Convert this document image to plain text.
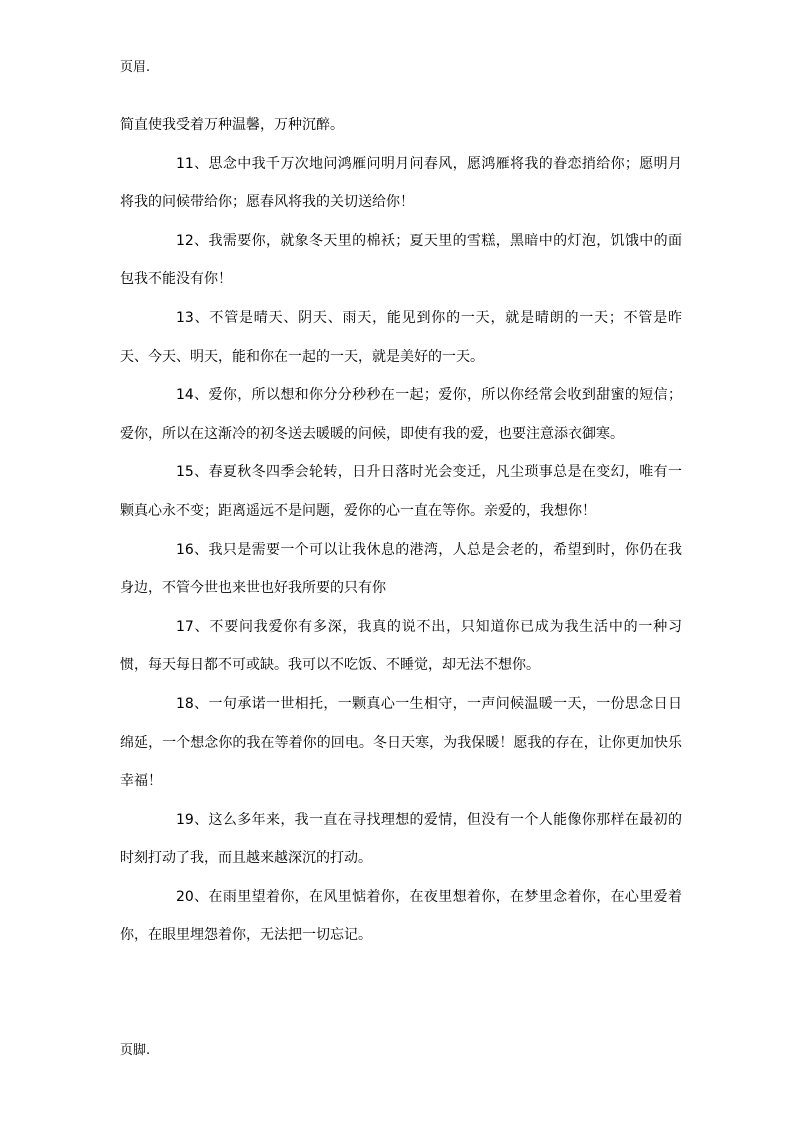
页眉.

简直使我受着万种温馨，万种沉醉。

11、思念中我千万次地问鸿雁问明月问春风，愿鸿雁将我的眷恋捎给你；愿明月将我的问候带给你；愿春风将我的关切送给你！

12、我需要你，就象冬天里的棉袄；夏天里的雪糕，黑暗中的灯泡，饥饿中的面包我不能没有你！

13、不管是晴天、阴天、雨天，能见到你的一天，就是晴朗的一天；不管是昨天、今天、明天，能和你在一起的一天，就是美好的一天。

14、爱你，所以想和你分分秒秒在一起；爱你，所以你经常会收到甜蜜的短信；爱你，所以在这渐冷的初冬送去暖暖的问候，即使有我的爱，也要注意添衣御寒。

15、春夏秋冬四季会轮转，日升日落时光会变迁，凡尘琐事总是在变幻，唯有一颗真心永不变；距离遥远不是问题，爱你的心一直在等你。亲爱的，我想你！

16、我只是需要一个可以让我休息的港湾，人总是会老的，希望到时，你仍在我身边，不管今世也来世也好我所要的只有你

17、不要问我爱你有多深，我真的说不出，只知道你已成为我生活中的一种习惯，每天每日都不可或缺。我可以不吃饭、不睡觉，却无法不想你。

18、一句承诺一世相托，一颗真心一生相守，一声问候温暖一天，一份思念日日绵延，一个想念你的我在等着你的回电。冬日天寒，为我保暖！愿我的存在，让你更加快乐幸福！

19、这么多年来，我一直在寻找理想的爱情，但没有一个人能像你那样在最初的时刻打动了我，而且越来越深沉的打动。

20、在雨里望着你，在风里惦着你，在夜里想着你，在梦里念着你，在心里爱着你，在眼里埋怨着你，无法把一切忘记。

页脚.
